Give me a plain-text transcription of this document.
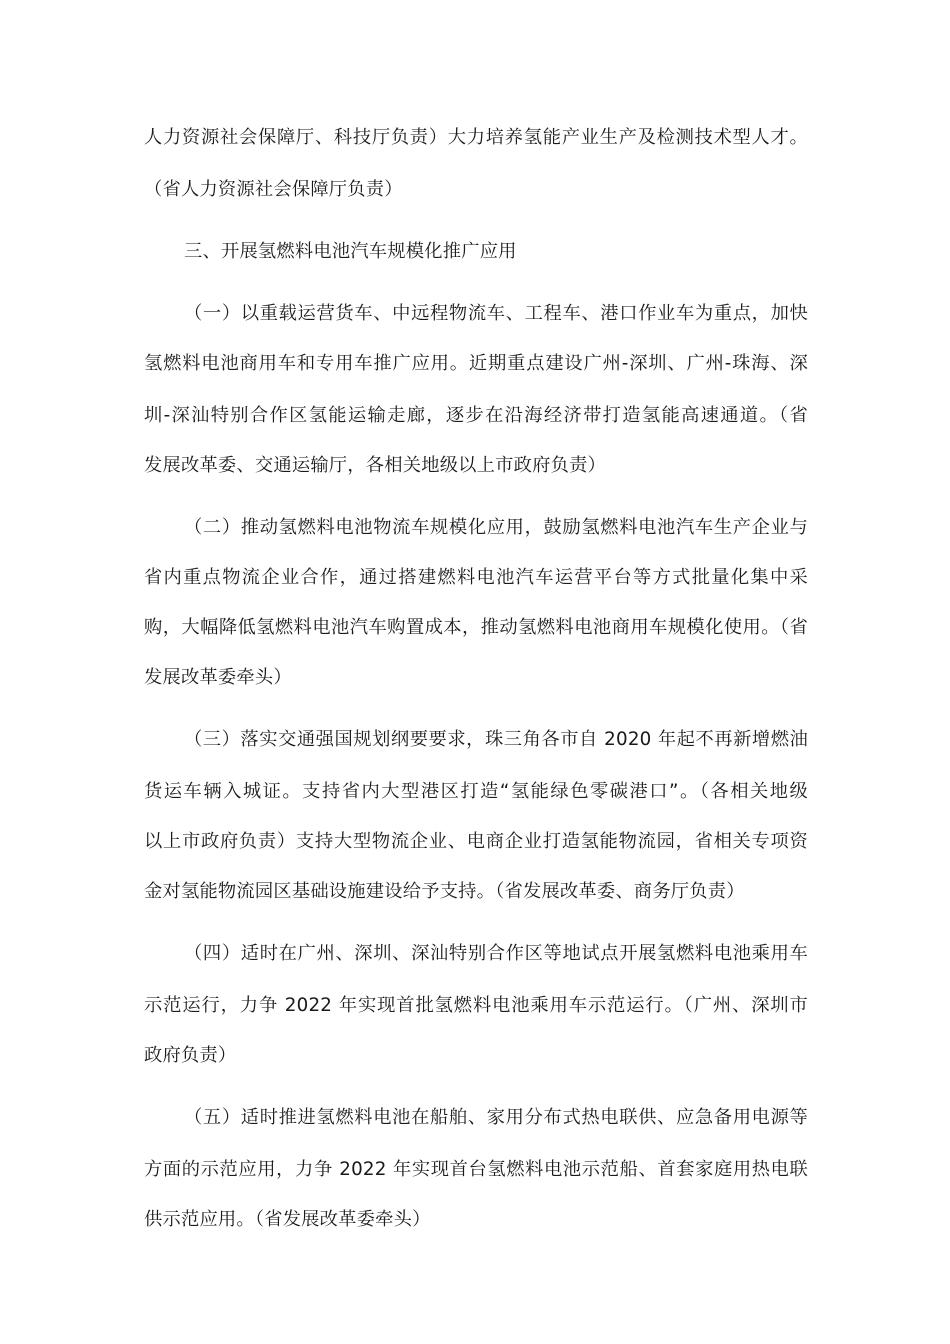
人力资源社会保障厅、科技厅负责）大力培养氢能产业生产及检测技术型人才。

（省人力资源社会保障厅负责）

三、开展氢燃料电池汽车规模化推广应用

（一）以重载运营货车、中远程物流车、工程车、港口作业车为重点，加快

氢燃料电池商用车和专用车推广应用。近期重点建设广州-深圳、广州-珠海、深

圳-深汕特别合作区氢能运输走廊，逐步在沿海经济带打造氢能高速通道。（省

发展改革委、交通运输厅，各相关地级以上市政府负责）

（二）推动氢燃料电池物流车规模化应用，鼓励氢燃料电池汽车生产企业与

省内重点物流企业合作，通过搭建燃料电池汽车运营平台等方式批量化集中采

购，大幅降低氢燃料电池汽车购置成本，推动氢燃料电池商用车规模化使用。（省

发展改革委牵头）

（三）落实交通强国规划纲要要求，珠三角各市自 2020 年起不再新增燃油

货运车辆入城证。支持省内大型港区打造“氢能绿色零碳港口”。（各相关地级

以上市政府负责）支持大型物流企业、电商企业打造氢能物流园，省相关专项资

金对氢能物流园区基础设施建设给予支持。（省发展改革委、商务厅负责）

（四）适时在广州、深圳、深汕特别合作区等地试点开展氢燃料电池乘用车

示范运行，力争 2022 年实现首批氢燃料电池乘用车示范运行。（广州、深圳市

政府负责）

（五）适时推进氢燃料电池在船舶、家用分布式热电联供、应急备用电源等

方面的示范应用，力争 2022 年实现首台氢燃料电池示范船、首套家庭用热电联

供示范应用。（省发展改革委牵头）
